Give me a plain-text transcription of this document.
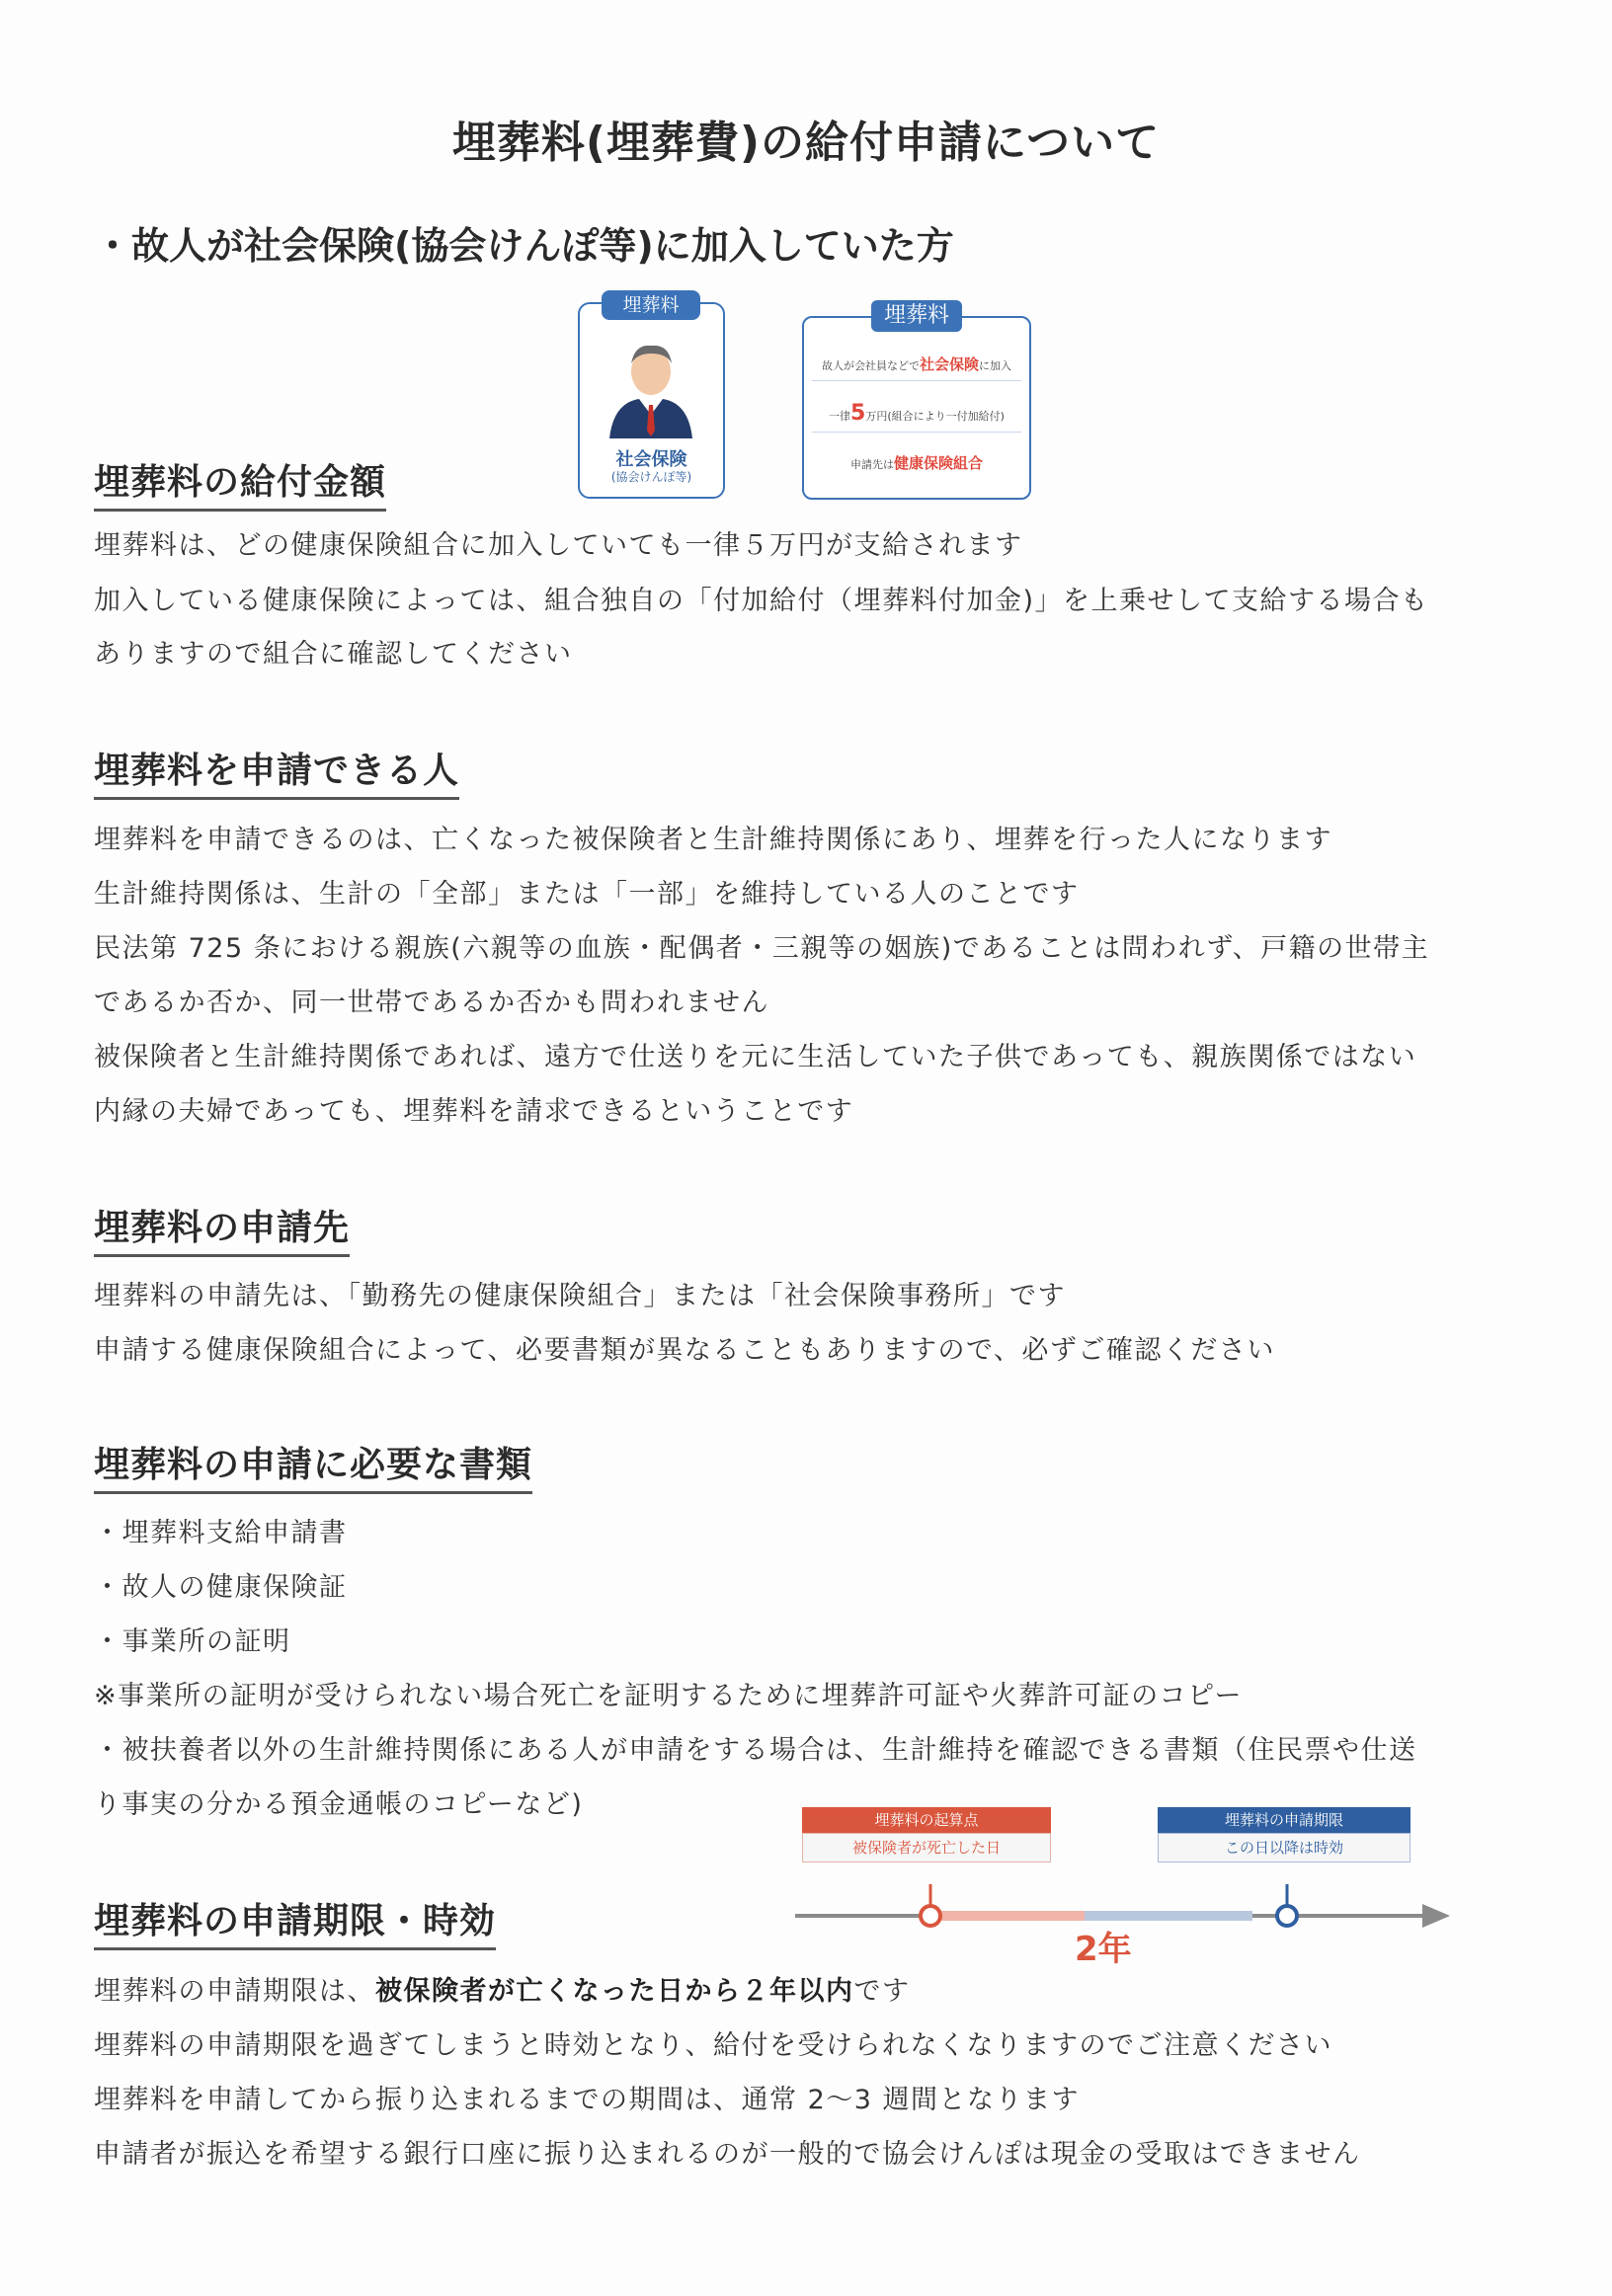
埋葬料(埋葬費)の給付申請について
・故人が社会保険(協会けんぽ等)に加入していた方
埋葬料
社会保険
(協会けんぽ等)
埋葬料
故人が会社員などで社会保険に加入
一律5万円(組合により一付加給付)
申請先は健康保険組合
埋葬料の給付金額
埋葬料は、どの健康保険組合に加入していても一律５万円が支給されます
加入している健康保険によっては、組合独自の「付加給付（埋葬料付加金)」を上乗せして支給する場合も
ありますので組合に確認してください
埋葬料を申請できる人
埋葬料を申請できるのは、亡くなった被保険者と生計維持関係にあり、埋葬を行った人になります
生計維持関係は、生計の「全部」または「一部」を維持している人のことです
民法第 725 条における親族(六親等の血族・配偶者・三親等の姻族)であることは問われず、戸籍の世帯主
であるか否か、同一世帯であるか否かも問われません
被保険者と生計維持関係であれば、遠方で仕送りを元に生活していた子供であっても、親族関係ではない
内縁の夫婦であっても、埋葬料を請求できるということです
埋葬料の申請先
埋葬料の申請先は、「勤務先の健康保険組合」または「社会保険事務所」です
申請する健康保険組合によって、必要書類が異なることもありますので、必ずご確認ください
埋葬料の申請に必要な書類
・埋葬料支給申請書
・故人の健康保険証
・事業所の証明
※事業所の証明が受けられない場合死亡を証明するために埋葬許可証や火葬許可証のコピー
・被扶養者以外の生計維持関係にある人が申請をする場合は、生計維持を確認できる書類（住民票や仕送
り事実の分かる預金通帳のコピーなど)	埋葬料の起算点
被保険者が死亡した日
埋葬料の申請期限
この日以降は時効
2年
埋葬料の申請期限・時効
埋葬料の申請期限は、被保険者が亡くなった日から２年以内です
埋葬料の申請期限を過ぎてしまうと時効となり、給付を受けられなくなりますのでご注意ください
埋葬料を申請してから振り込まれるまでの期間は、通常 2～3 週間となります
申請者が振込を希望する銀行口座に振り込まれるのが一般的で協会けんぽは現金の受取はできません
